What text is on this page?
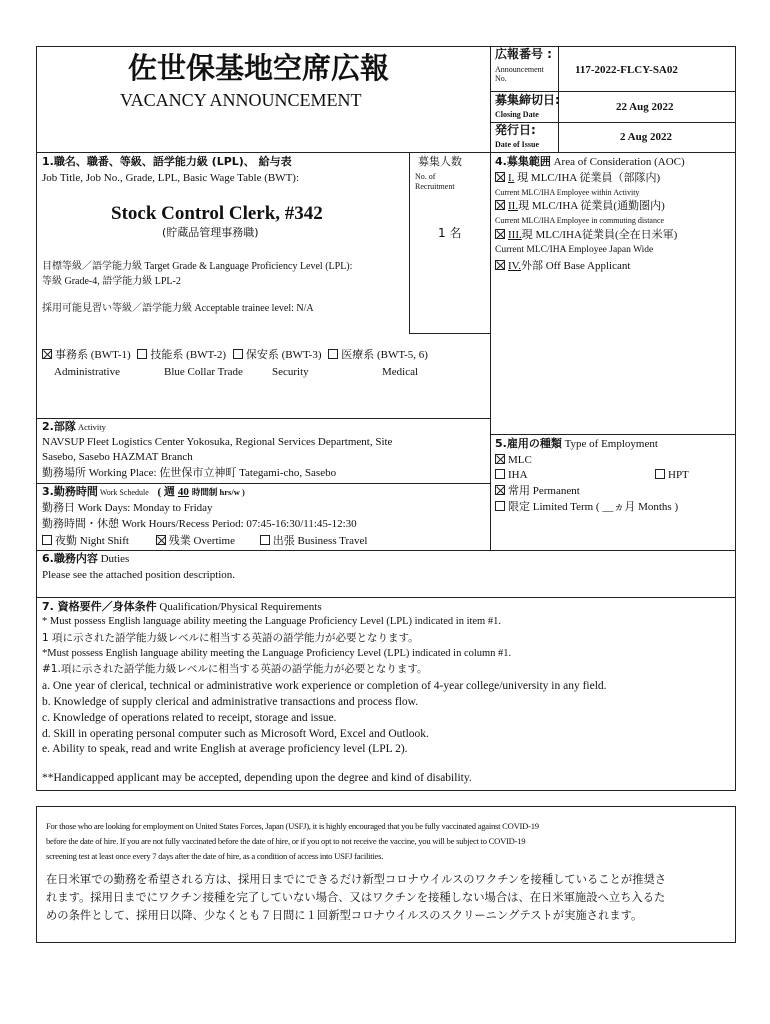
佐世保基地空席広報
VACANCY ANNOUNCEMENT
広報番号 :
Announcement No.
117-2022-FLCY-SA02
募集締切日:
Closing Date
22 Aug 2022
発行日:
Date of Issue
2 Aug 2022
1.職名、職番、等級、語学能力級 (LPL)、 給与表
Job Title, Job No., Grade, LPL, Basic Wage Table (BWT):
Stock Control Clerk, #342
(貯蔵品管理事務職)
目標等級／語学能力級 Target Grade & Language Proficiency Level (LPL):
等級 Grade-4, 語学能力級 LPL-2
採用可能見習い等級／語学能力級 Acceptable trainee level: N/A
事務系 (BWT-1) 技能系 (BWT-2) 保安系 (BWT-3) 医療系 (BWT-5, 6)
Administrative	Blue Collar Trade	Security	Medical
募集人数
No. of
Recruitment
1 名
4.募集範囲 Area of Consideration (AOC)
I. 現 MLC/IHA 従業員（部隊内)
Current MLC/IHA Employee within Activity
II.現 MLC/IHA 従業員(通勤圏内)
Current MLC/IHA Employee in commuting distance
III.現 MLC/IHA従業員(全在日米軍)
Current MLC/IHA Employee Japan Wide
IV.外部 Off Base Applicant
2.部隊 Activity
NAVSUP Fleet Logistics Center Yokosuka, Regional Services Department, Site
Sasebo, Sasebo HAZMAT Branch
勤務場所 Working Place: 佐世保市立神町 Tategami-cho, Sasebo
3.勤務時間 Work Schedule ( 週 40 時間制 hrs/w )
勤務日 Work Days: Monday to Friday
勤務時間・休憩 Work Hours/Recess Period: 07:45-16:30/11:45-12:30
夜勤 Night Shift	残業 Overtime	出張 Business Travel
5.雇用の種類 Type of Employment
MLC
IHA	HPT
常用 Permanent
限定 Limited Term ( __ヵ月 Months )
6.職務内容 Duties
Please see the attached position description.
7. 資格要件／身体条件 Qualification/Physical Requirements
* Must possess English language ability meeting the Language Proficiency Level (LPL) indicated in item #1.
1 項に示された語学能力級レベルに相当する英語の語学能力が必要となります。
*Must possess English language ability meeting the Language Proficiency Level (LPL) indicated in column #1.
#1.項に示された語学能力級レベルに相当する英語の語学能力が必要となります。
a. One year of clerical, technical or administrative work experience or completion of 4-year college/university in any field.
b. Knowledge of supply clerical and administrative transactions and process flow.
c. Knowledge of operations related to receipt, storage and issue.
d. Skill in operating personal computer such as Microsoft Word, Excel and Outlook.
e. Ability to speak, read and write English at average proficiency level (LPL 2).
**Handicapped applicant may be accepted, depending upon the degree and kind of disability.
For those who are looking for employment on United States Forces, Japan (USFJ), it is highly encouraged that you be fully vaccinated against COVID-19
before the date of hire. If you are not fully vaccinated before the date of hire, or if you opt to not receive the vaccine, you will be subject to COVID-19
screening test at least once every 7 days after the date of hire, as a condition of access into USFJ facilities.
在日米軍での勤務を希望される方は、採用日までにできるだけ新型コロナウイルスのワクチンを接種していることが推奨さ
れます。採用日までにワクチン接種を完了していない場合、又はワクチンを接種しない場合は、在日米軍施設へ立ち入るた
めの条件として、採用日以降、少なくとも７日間に１回新型コロナウイルスのスクリーニングテストが実施されます。
